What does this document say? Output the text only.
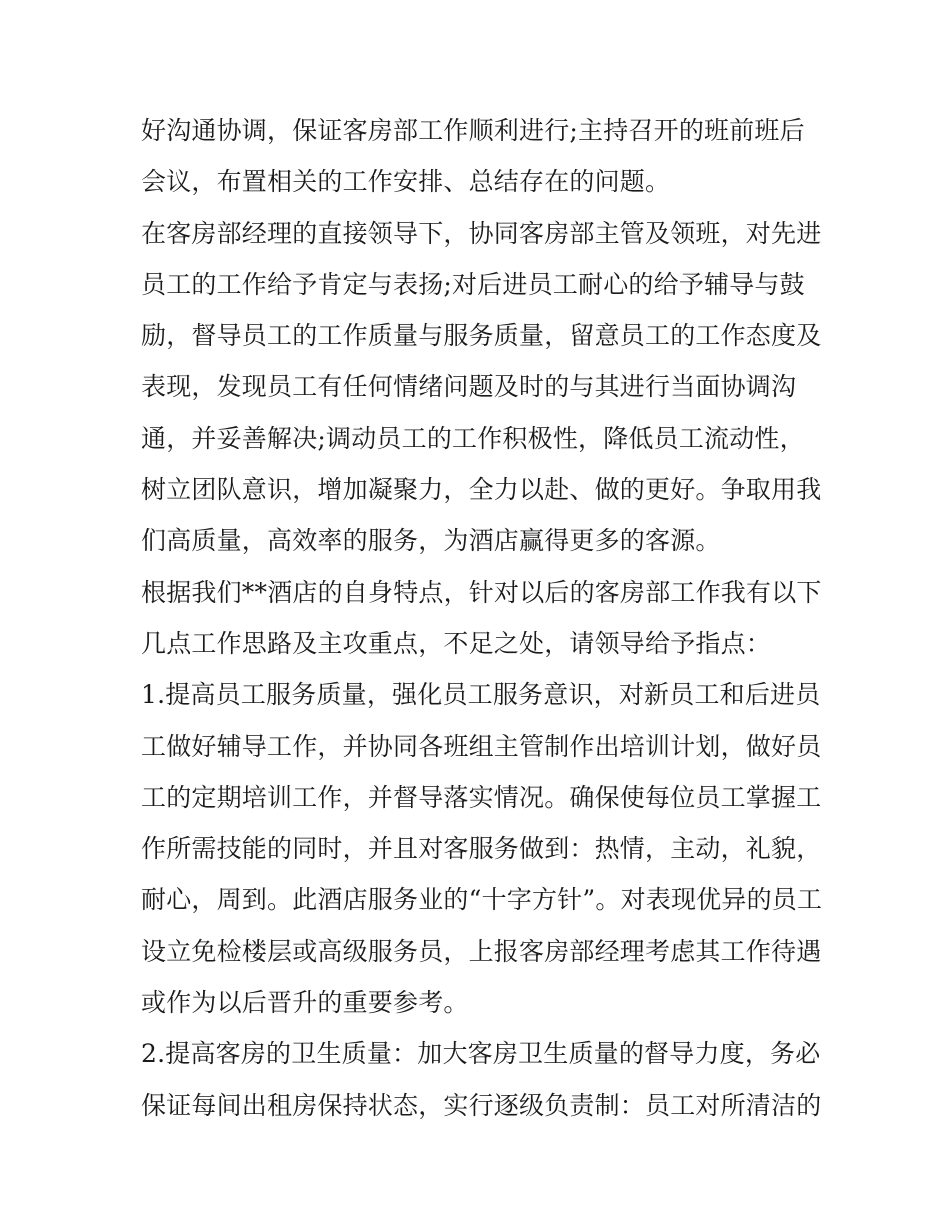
好沟通协调，保证客房部工作顺利进行;主持召开的班前班后
会议，布置相关的工作安排、总结存在的问题。
在客房部经理的直接领导下，协同客房部主管及领班，对先进
员工的工作给予肯定与表扬;对后进员工耐心的给予辅导与鼓
励，督导员工的工作质量与服务质量，留意员工的工作态度及
表现，发现员工有任何情绪问题及时的与其进行当面协调沟
通，并妥善解决;调动员工的工作积极性，降低员工流动性，
树立团队意识，增加凝聚力，全力以赴、做的更好。争取用我
们高质量，高效率的服务，为酒店赢得更多的客源。
根据我们**酒店的自身特点，针对以后的客房部工作我有以下
几点工作思路及主攻重点，不足之处，请领导给予指点：
1.提高员工服务质量，强化员工服务意识，对新员工和后进员
工做好辅导工作，并协同各班组主管制作出培训计划，做好员
工的定期培训工作，并督导落实情况。确保使每位员工掌握工
作所需技能的同时，并且对客服务做到：热情，主动，礼貌，
耐心，周到。此酒店服务业的“十字方针”。对表现优异的员工
设立免检楼层或高级服务员，上报客房部经理考虑其工作待遇
或作为以后晋升的重要参考。
2.提高客房的卫生质量：加大客房卫生质量的督导力度，务必
保证每间出租房保持状态，实行逐级负责制：员工对所清洁的
